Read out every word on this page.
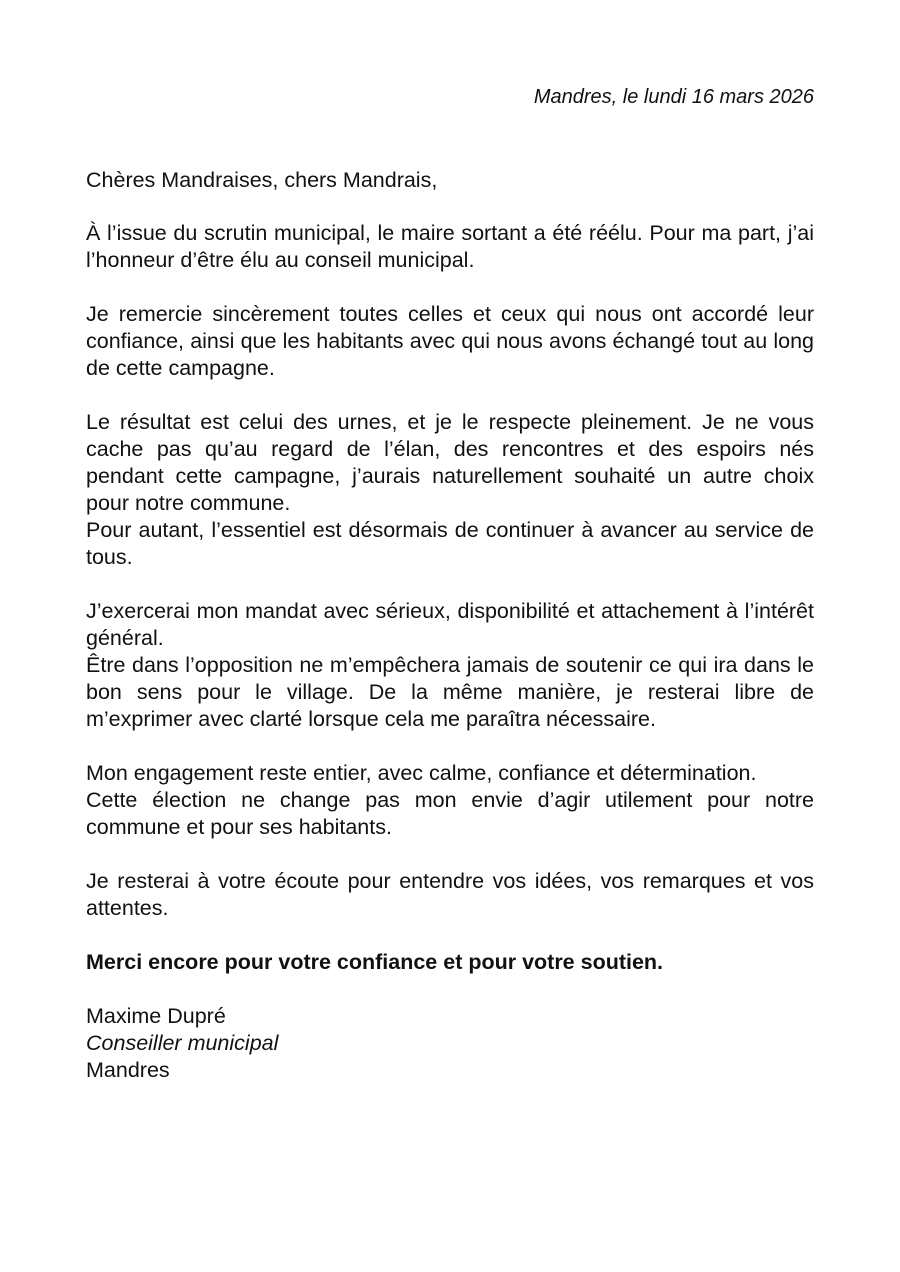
Mandres, le lundi 16 mars 2026

Chères Mandraises, chers Mandrais,

À l’issue du scrutin municipal, le maire sortant a été réélu. Pour ma part, j’ai l’honneur d’être élu au conseil municipal.

Je remercie sincèrement toutes celles et ceux qui nous ont accordé leur confiance, ainsi que les habitants avec qui nous avons échangé tout au long de cette campagne.

Le résultat est celui des urnes, et je le respecte pleinement. Je ne vous cache pas qu’au regard de l’élan, des rencontres et des espoirs nés pendant cette campagne, j’aurais naturellement souhaité un autre choix pour notre commune.

Pour autant, l’essentiel est désormais de continuer à avancer au service de tous.

J’exercerai mon mandat avec sérieux, disponibilité et attachement à l’intérêt général.

Être dans l’opposition ne m’empêchera jamais de soutenir ce qui ira dans le bon sens pour le village. De la même manière, je resterai libre de m’exprimer avec clarté lorsque cela me paraîtra nécessaire.

Mon engagement reste entier, avec calme, confiance et détermination.

Cette élection ne change pas mon envie d’agir utilement pour notre commune et pour ses habitants.

Je resterai à votre écoute pour entendre vos idées, vos remarques et vos attentes.

Merci encore pour votre confiance et pour votre soutien.

Maxime Dupré

Conseiller municipal

Mandres
